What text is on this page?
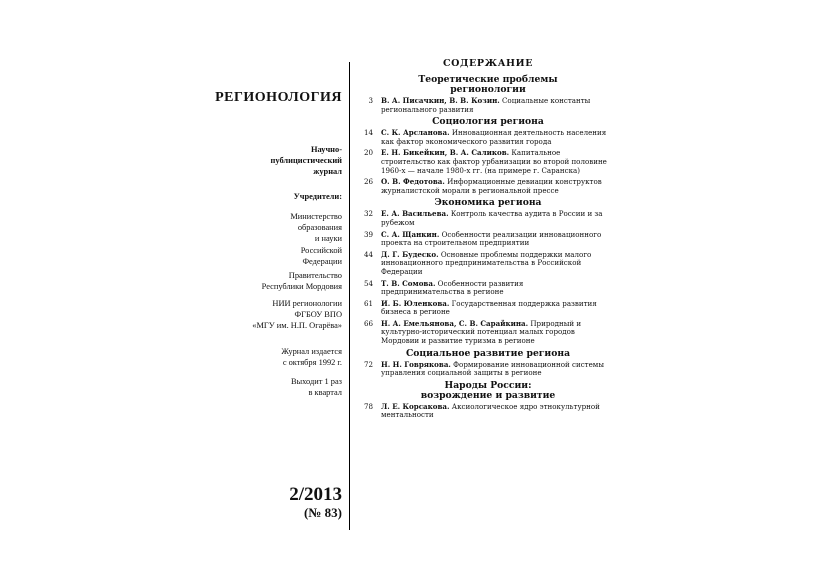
РЕГИОНОЛОГИЯ
Научно-
публицистический
журнал
Учредители:
Министерство
образования
и науки
Российской
Федерации
Правительство
Республики Мордовия
НИИ регионологии
ФГБОУ ВПО
«МГУ им. Н.П. Огарёва»
Журнал издается
с октября 1992 г.
Выходит 1 раз
в квартал
2/2013
(№ 83)
СОДЕРЖАНИЕ
Теоретические проблемы
регионологии
3	В. А. Писачкин, В. В. Козин. Социальные константы регионального развития
Социология региона
14	С. К. Арсланова. Инновационная деятельность населения как фактор экономического развития города
20	Е. Н. Бикейкин, В. А. Саликов. Капитальное строительство как фактор урбанизации во второй половине 1960-х — начале 1980-х гг. (на примере г. Саранска)
26	О. В. Федотова. Информационные девиации конструктов журналистской морали в региональной прессе
Экономика региона
32	Е. А. Васильева. Контроль качества аудита в России и за рубежом
39	С. А. Щанкин. Особенности реализации инновационного проекта на строительном предприятии
44	Д. Г. Будеско. Основные проблемы поддержки малого инновационного предпринимательства в Российской Федерации
54	Т. В. Сомова. Особенности развития предпринимательства в регионе
61	И. Б. Юленкова. Государственная поддержка развития бизнеса в регионе
66	Н. А. Емельянова, С. В. Сарайкина. Природный и культурно-исторический потенциал малых городов Мордовии и развитие туризма в регионе
Социальное развитие региона
72	Н. Н. Говрякова. Формирование инновационной системы управления социальной защиты в регионе
Народы России:
возрождение и развитие
78	Л. Е. Корсакова. Аксиологическое ядро этнокультурной ментальности
